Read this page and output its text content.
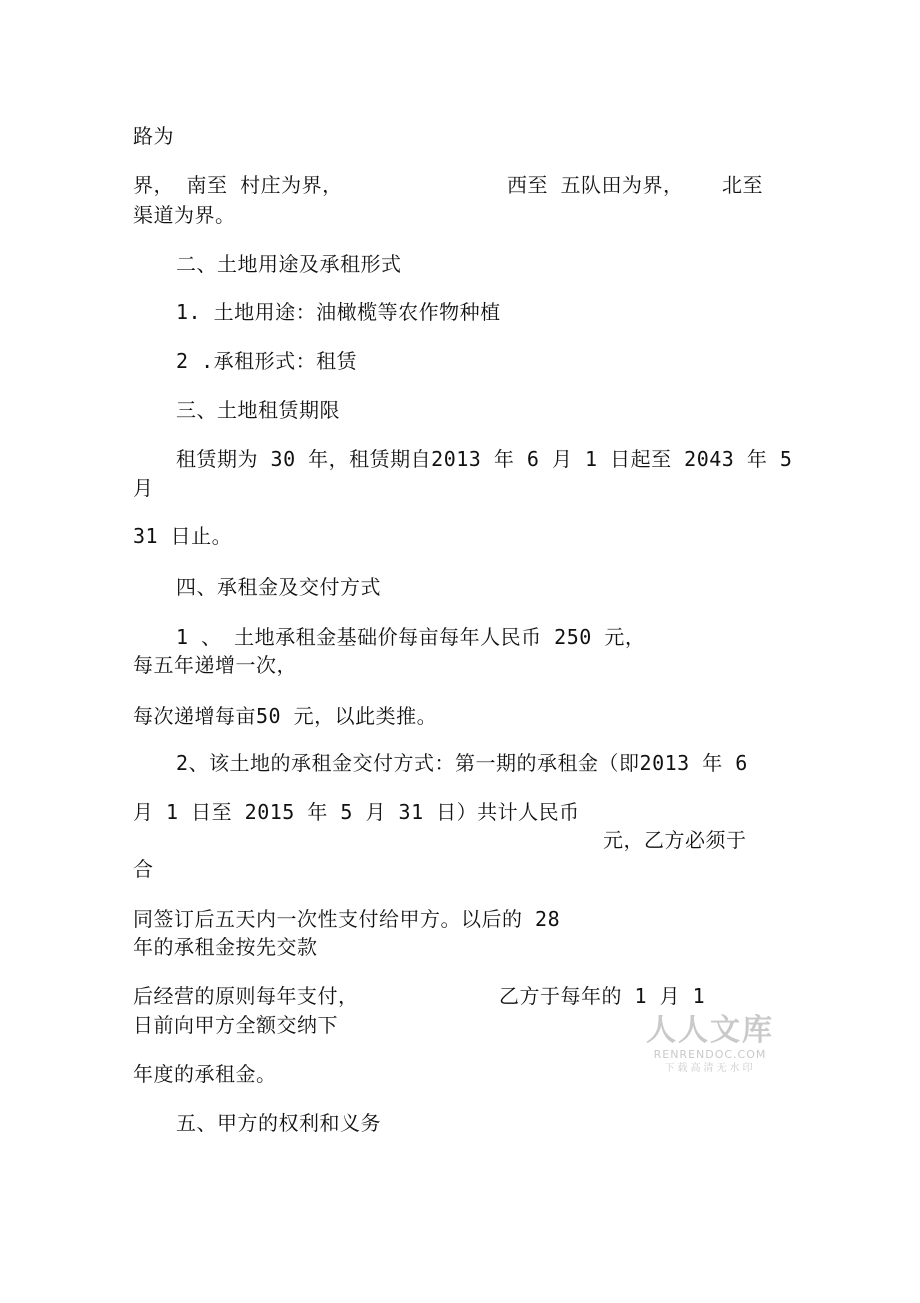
路为
界， 南至 村庄为界，	西至 五队田为界， 北至
渠道为界。
二、土地用途及承租形式
1. 土地用途：油橄榄等农作物种植
2 .承租形式：租赁
三、土地租赁期限
租赁期为 30 年，租赁期自2013 年 6 月 1 日起至 2043 年 5
月
31 日止。
四、承租金及交付方式
1 、 土地承租金基础价每亩每年人民币 250 元，
每五年递增一次，
每次递增每亩50 元，以此类推。
2、该土地的承租金交付方式：第一期的承租金（即2013 年 6
月 1 日至 2015 年 5 月 31 日）共计人民币
元，乙方必须于
合
同签订后五天内一次性支付给甲方。以后的 28
年的承租金按先交款
后经营的原则每年支付，	乙方于每年的 1 月 1
日前向甲方全额交纳下
年度的承租金。
五、甲方的权利和义务
人人文库
RENRENDOC.COM
下载高清无水印
